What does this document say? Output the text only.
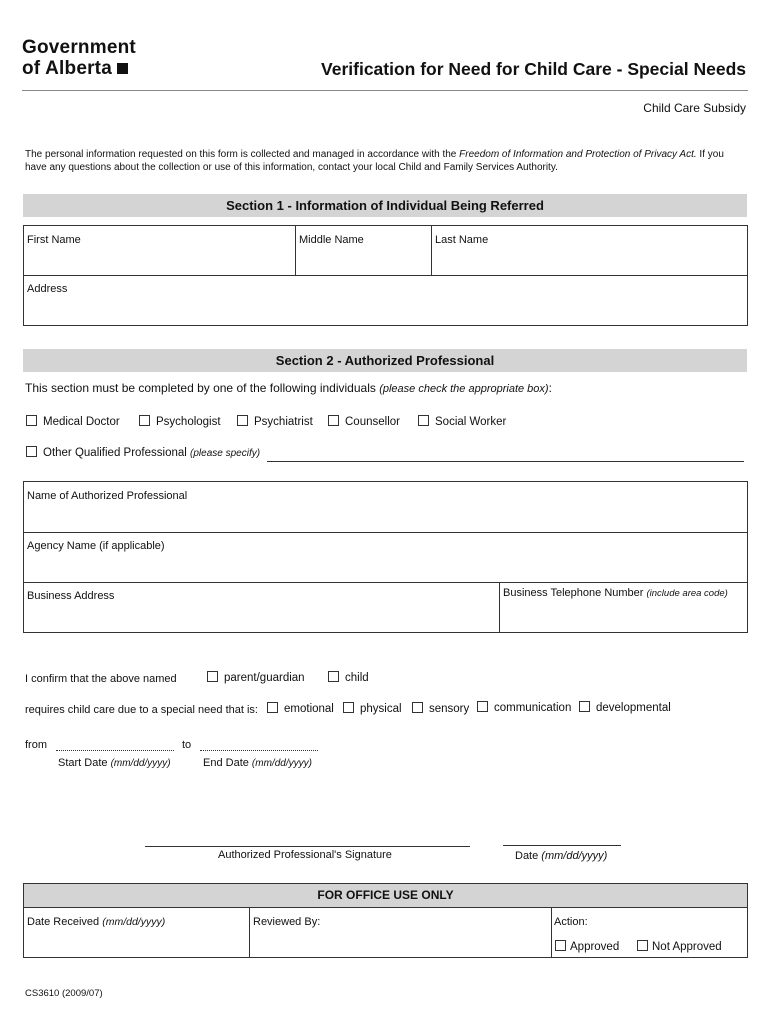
Government
of Alberta	Verification for Need for Child Care - Special Needs
Child Care Subsidy
The personal information requested on this form is collected and managed in accordance with the Freedom of Information and Protection of Privacy Act. If you have any questions about the collection or use of this information, contact your local Child and Family Services Authority.
Section 1 - Information of Individual Being Referred
First Name	Middle Name	Last Name
Address
Section 2 - Authorized Professional
This section must be completed by one of the following individuals (please check the appropriate box):
Medical Doctor	Psychologist	Psychiatrist	Counsellor	Social Worker
Other Qualified Professional (please specify)
Name of Authorized Professional
Agency Name (if applicable)
Business Address	Business Telephone Number (include area code)
I confirm that the above named	parent/guardian	child
requires child care due to a special need that is:	emotional	physical	sensory	communication	developmental
from	to
Start Date (mm/dd/yyyy)	End Date (mm/dd/yyyy)
Authorized Professional's Signature	Date (mm/dd/yyyy)
FOR OFFICE USE ONLY
Date Received (mm/dd/yyyy)	Reviewed By:	Action:
Approved	Not Approved
CS3610 (2009/07)
